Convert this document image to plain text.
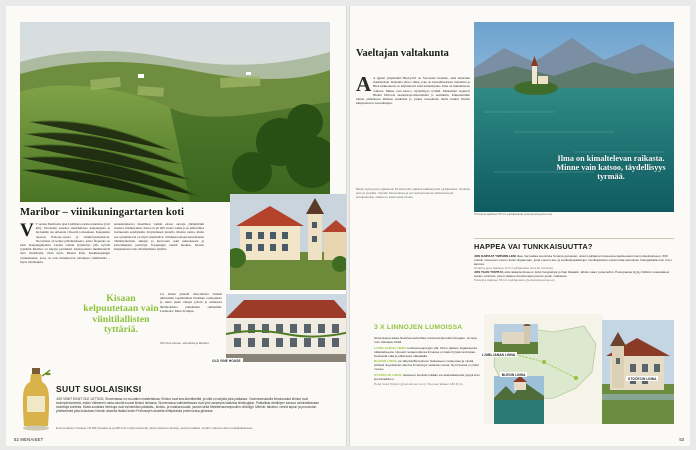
Maribor – viinikuningartarten koti
V V uonna Mariborin ajan Ljubljana paritua tunnistaa (122 km), Slovenian toiseksi suurimmassa kaupungissa ei myöskään ole urbaania viiveettä torisaaksen. Kaupunkia rajaavat Pohorje-vuoret ja viinikavarainahavat. Slovenians on kohne pääviinialuetta, joista Štajerska on yksi. Kaupunginpuisto Lentan vanhin lyyhdeitys jolla kylvää rypäleitä Maribor on käynyt pyöriäistä. Kuntopolusta mutkitteleviä teitä viinitiloille, tässä myös Mestni Park. Keskikaupungin vanhentuneet, jossa on ison mittakaavan rattaineen viinitilasilta – myös viinikaupin.
ennustettakaava maailman vanhin elossa olevaja yhtäpäiväkä taattava viiniköynnös. Karet on yli 400 vuotta vanha ja se pääsi lähes Guinnessin ennätyksiin. Köynnöksen juurella vihdoin tarina, mutta sen syntyhistoria on myös merkittävä. Viininkasvattajat-kansalaisten viiniköynnösten alkujen ja kierrosten sekä uunnoksesta ja katsomuksien perintöjä. Kaupungin edestä huokuu. Kisaan kelpuutetaan vain viinitilallisten tyttäriä.
Kisaan kelpuutetaan vain viinitilallisten tyttäriä.
Jos haluat yhdeltä viini-tiloista viinistä juhlaviinin tapahtumista Puolikko rautiopuisto ja sitten yksiä viinejä jolloin ja sellaisista lähtökohdista paikallisiin rutiineihin. Lisätiedot: Mela-Trampin.
Old Vine House, skovärttä ja Maribor.
OLD VINE HOUSE
SUUT SUOLAISIKSI
JOS VIINIT EIVÄT OLE JUTTUSI, Sloveniassa on muutakin maistettavaa. Kiinkut ovat sea-identiteettiä, ja niitä on tarjolla joka paikassa. Vuoristoseuduilla ilmatuvautut kiinkut ovat tuulenpiekseemiä, mään Välimeren ranta-alueita tuovat kiinkut Istriassa. Sloveniassa valmistettavaa ovat yhä useampia laatuisia kiinkkujakin. Paikallisia viinitilojen kanssa valmistettavaan tuotettuja kohteita. Muita suolaisia herkkuja ovat esimerkiksi pääsiäis-, kinkku- ja makkara-kalat, juustot sekä Mediterraneanpuolien oliiviöljyt. Mlinčki; talveksi, vehnä lapion ja prosciuton yhdistelmää joita kutsutaan Karstin alueella lisäksi kuten Prekmurjen alueella lehtipiirakka prekmurska gibanica.
Ensimmäisten Kokkeet Oil Mill (toiseksi ja ja Mill Fram (oljenvahasnä) oliivit oleakset oliiviöljy–sanottu kaikille, kurjihin valovia värien kultakaikiiloissa.
52 MENAISET
Vaeltajan valtakunta
A A lppien ympäröimä Bled-järvi on Slovenian ikonisin, sekä tunnetuin matkakohde. Rannalla seisoo linna, joka on kansallisaarteen luokiteltu ja Bled kirkkoineen on käyntikortti sekä tunnuslipuke. Ilma on kimaltelevan raikasta. Minne vain katsoo, täydellisyys tyrmää. Matkailijat saapuvat Bledin Mirovan suunnistaja-ilmoitteisiin jo useimmin. Kulkureittikin tuntuu päästäneen ihmisen kenkänsä jo joskus nousemaan mutta lisäksi tiiviisti kimpaantuvat vuorenhuiput.
Bledin kylä ja järvi sijaitsevat 54 kilometrin päässä pääkaupunki Ljubljanasta. Vuokraa auto ja pyöräile. Vierailu Sloveniassa ja sen kylissä tulevat vaihtelevimpia kohdealueilla, vaikka ne katsomatta sivulta.
Ilma on kimaltelevan raikasta. Minne vain katsoo, täydellisyys tyrmää.
Postojna sijaitsee 53 km Ljubljanasta (postojnska-jama.eu)
HAPPEA VAI TUNKKAISUUTTA?
JOS KAIPAAT YMPÄRILLESI tilaa, harmaitaa suunnista Smarna gorassan, aivan Ljubljanan kupeessa sijaitsevaan luonnonkeskukseen, 660 metriin nousevan vuoren keski-ohjaamaan, josta vuoren ala- ja ensikelpapaikkojen monikäyttöiset voivat ottaa asutuksen hoitopaikalta noin 2 km kanssa.
Smarna gora sijaitsee 9 km Ljubljanasta (Lisa El Caminio)
JOS TAAS TUNTUU, että rakkaita ilmaa on tullut hengiteltyä jo ihan liikaakin, lähde maan syövereihin. Postojnassa löytyy hiililtoin maanalaiset luolien verkosto, johon pääsee tutustumaan pienen junan matkassa.
Postojna sijaitsee 53 km Ljubljanasta (postojnska-jama.eu)
3 X LINNOJEN LUMOISSA
Sloveniassa aikaa historiaa kerkohtaa mutta kesskeuutla linnojaan. Linnoja noin viitisataa riittää.
LJUBLJANAN LINNA kohoaa kaupungin yllä. Sinne pääsee hujauksessa nikkelaitteesta. Upeasti restauroidussa linnassa on kaksi hyvää ravintolaa. Keskeisiä mää ja pitkä kava näköalalla.
BLEDIN LINNA vei tähystä Bled järven huikeaseen maisemaa ja mieltä, tehtävä Jugoslavian aikoina linnasta ja ruokasta vuosia. Nyt linnasta on tullut museo.
OTOČECIN LINNA tasaiseen kuulisimmillään esi-eläinaikaisesta yöpyä kuin kuninkaallinen.
Hotel Grad Otočec (grad-otocec.com). Huoneet alkaen 136 € /yö.
LJUBLJANAN LINNA
BLEDIN LINNA
OTOČECIN LINNA
53
